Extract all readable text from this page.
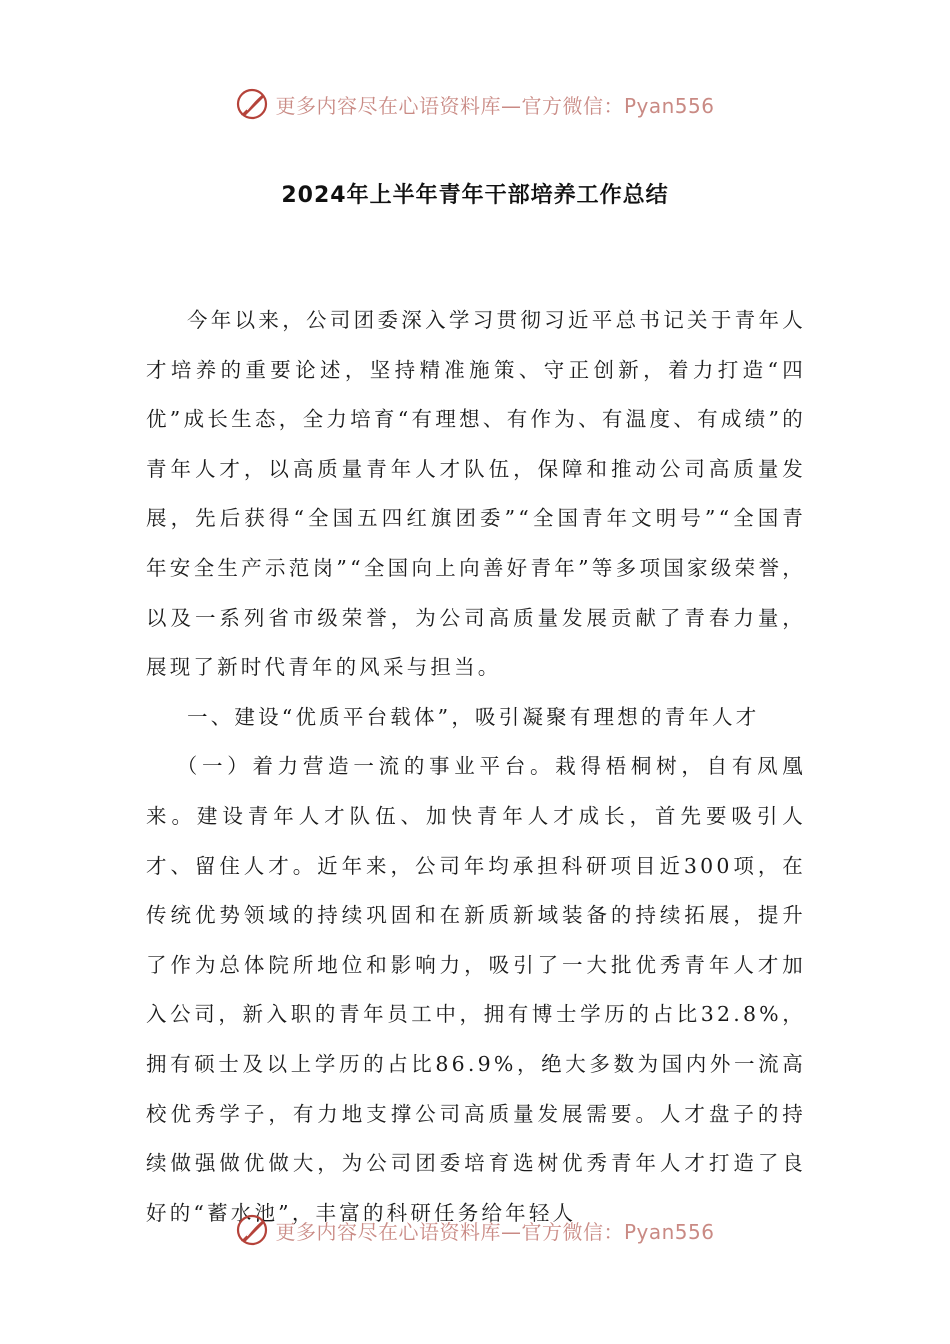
更多内容尽在心语资料库—官方微信：Pyan556
2024年上半年青年干部培养工作总结

今年以来，公司团委深入学习贯彻习近平总书记关于青年人才培养的重要论述，坚持精准施策、守正创新，着力打造“四优”成长生态，全力培育“有理想、有作为、有温度、有成绩”的青年人才，以高质量青年人才队伍，保障和推动公司高质量发展，先后获得“全国五四红旗团委”“全国青年文明号”“全国青年安全生产示范岗”“全国向上向善好青年”等多项国家级荣誉，以及一系列省市级荣誉，为公司高质量发展贡献了青春力量，展现了新时代青年的风采与担当。

一、建设“优质平台载体”，吸引凝聚有理想的青年人才

（一）着力营造一流的事业平台。栽得梧桐树，自有凤凰来。建设青年人才队伍、加快青年人才成长，首先要吸引人才、留住人才。近年来，公司年均承担科研项目近300项，在传统优势领域的持续巩固和在新质新域装备的持续拓展，提升了作为总体院所地位和影响力，吸引了一大批优秀青年人才加入公司，新入职的青年员工中，拥有博士学历的占比32.8%，拥有硕士及以上学历的占比86.9%，绝大多数为国内外一流高校优秀学子，有力地支撑公司高质量发展需要。人才盘子的持续做强做优做大，为公司团委培育选树优秀青年人才打造了良好的“蓄水池”，丰富的科研任务给年轻人

更多内容尽在心语资料库—官方微信：Pyan556
